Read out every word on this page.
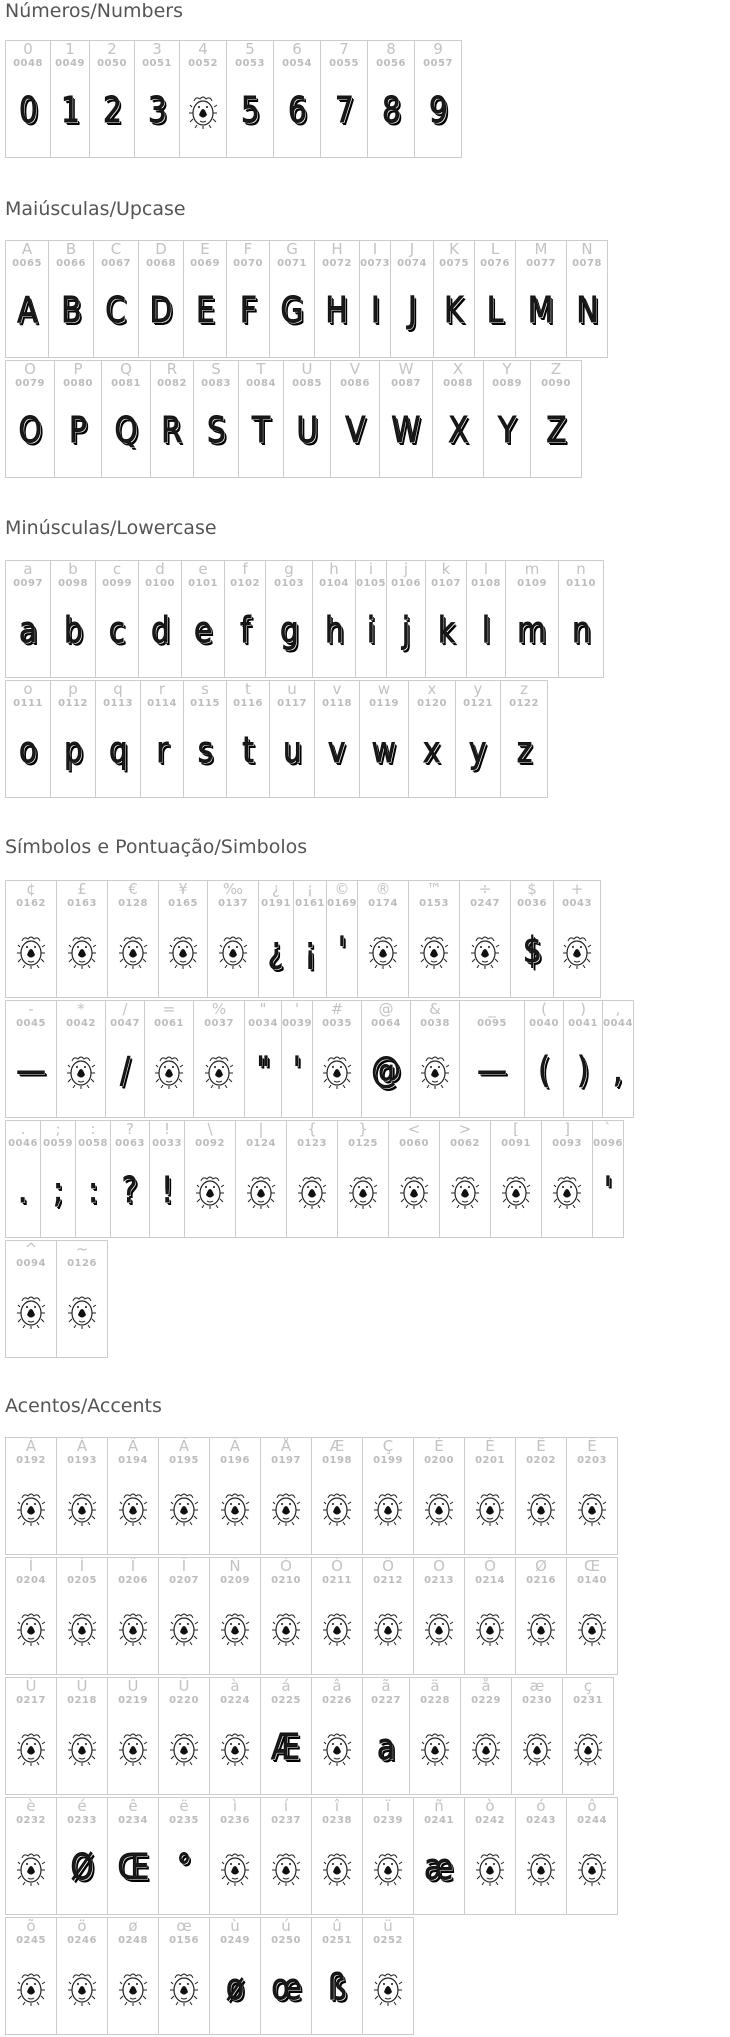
Números/Numbers
0
0048
0
1
0049
1
2
0050
2
3
0051
3
4
0052
5
0053
5
6
0054
6
7
0055
7
8
0056
8
9
0057
9
Maiúsculas/Upcase
A
0065
A
B
0066
B
C
0067
C
D
0068
D
E
0069
E
F
0070
F
G
0071
G
H
0072
H
I
0073
I
J
0074
J
K
0075
K
L
0076
L
M
0077
M
N
0078
N
O
0079
O
P
0080
P
Q
0081
Q
R
0082
R
S
0083
S
T
0084
T
U
0085
U
V
0086
V
W
0087
W
X
0088
X
Y
0089
Y
Z
0090
Z
Minúsculas/Lowercase
a
0097
a
b
0098
b
c
0099
c
d
0100
d
e
0101
e
f
0102
f
g
0103
g
h
0104
h
i
0105
i
j
0106
j
k
0107
k
l
0108
l
m
0109
m
n
0110
n
o
0111
o
p
0112
p
q
0113
q
r
0114
r
s
0115
s
t
0116
t
u
0117
u
v
0118
v
w
0119
w
x
0120
x
y
0121
y
z
0122
z
Símbolos e Pontuação/Simbolos
¢
0162
£
0163
€
0128
¥
0165
‰
0137
¿
0191
¿
¡
0161
¡
©
0169
'
®
0174
™
0153
÷
0247
$
0036
$
+
0043
-
0045
—
*
0042
/
0047
/
=
0061
%
0037
"
0034
"
'
0039
'
#
0035
@
0064
@
&
0038
_
0095
—
(
0040
(
)
0041
)
,
0044
,
.
0046
.
;
0059
;
:
0058
:
?
0063
?
!
0033
!
\
0092
|
0124
{
0123
}
0125
<
0060
>
0062
[
0091
]
0093
`
0096
'
^
0094
~
0126
Acentos/Accents
À
0192
Á
0193
Â
0194
Ã
0195
Ä
0196
Å
0197
Æ
0198
Ç
0199
È
0200
É
0201
Ê
0202
Ë
0203
Ì
0204
Í
0205
Î
0206
Ï
0207
Ñ
0209
Ò
0210
Ó
0211
Ô
0212
Õ
0213
Ö
0214
Ø
0216
Œ
0140
Ù
0217
Ú
0218
Û
0219
Ü
0220
à
0224
á
0225
Æ
â
0226
ã
0227
a
ä
0228
å
0229
æ
0230
ç
0231
è
0232
é
0233
Ø
ê
0234
Œ
ë
0235
°
ì
0236
í
0237
î
0238
ï
0239
ñ
0241
æ
ò
0242
ó
0243
ô
0244
õ
0245
ö
0246
ø
0248
œ
0156
ù
0249
ø
ú
0250
œ
û
0251
ß
ü
0252
